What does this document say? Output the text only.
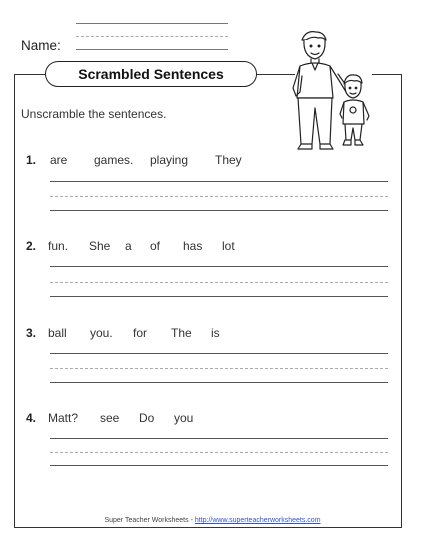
Name:
Scrambled Sentences
Unscramble the sentences.
1. are games. playing They
2. fun. She a of has lot
3. ball you. for The is
4. Matt? see Do you
Super Teacher Worksheets - http://www.superteacherworksheets.com
